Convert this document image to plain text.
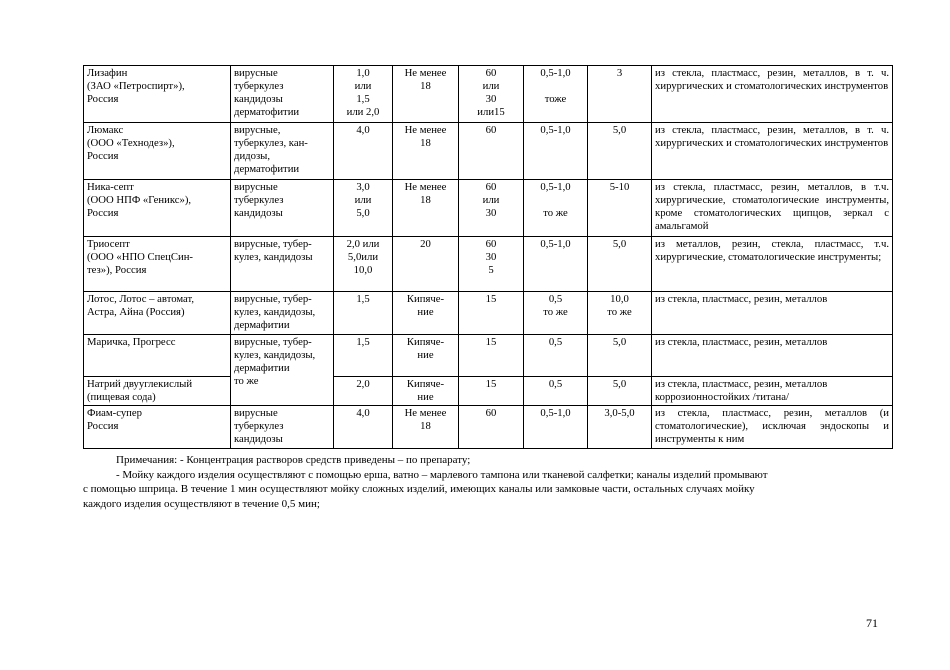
Лизафин
(ЗАО «Петроспирт»),
Россия	вирусные
туберкулез
кандидозы
дерматофитии	1,0
или
1,5
или 2,0	Не менее
18	60
или
30
или15	0,5-1,0

тоже	3	из стекла, пластмасс, резин, металлов, в т. ч. хирургических и стоматологических инструментов

Люмакс
(ООО «Технодез»),
Россия	вирусные,
туберкулез, кан-
дидозы,
дерматофитии	4,0	Не менее
18	60	0,5-1,0	5,0	из стекла, пластмасс, резин, металлов, в т. ч. хирургических и стоматологических инструментов

Ника-септ
(ООО НПФ «Геникс»),
Россия	вирусные
туберкулез
кандидозы	3,0
или
5,0	Не менее
18	60
или
30	0,5-1,0

то же	5-10	из стекла, пластмасс, резин, металлов, в т.ч. хирургические, стоматологические инструменты, кроме стоматологических щипцов, зеркал с амальгамой

Триосепт
(ООО «НПО СпецСин-
тез»), Россия	вирусные, тубер-
кулез, кандидозы	2,0 или
5,0или
10,0	20	60
30
5	0,5-1,0	5,0	из металлов, резин, стекла, пластмасс, т.ч. хирургические, стоматологические инструменты;

Лотос, Лотос – автомат,
Астра, Айна (Россия)	вирусные, тубер-
кулез, кандидозы,
дермафитии	1,5	Кипяче-
ние	15	0,5
то же	10,0
то же	из стекла, пластмасс, резин, металлов

Маричка, Прогресс	вирусные, тубер-
кулез, кандидозы,
дермафитии
то же	1,5	Кипяче-
ние	15	0,5	5,0	из стекла, пластмасс, резин, металлов

Натрий двууглекислый
(пищевая сода)		2,0	Кипяче-
ние	15	0,5	5,0	из стекла, пластмасс, резин, металлов коррозионностойких /титана/

Фиам-супер
Россия	вирусные
туберкулез
кандидозы	4,0	Не менее
18	60	0,5-1,0	3,0-5,0	из стекла, пластмасс, резин, металлов (и стоматологические), исключая эндоскопы и инструменты к ним
Примечания: - Концентрация растворов средств приведены – по препарату;
- Мойку каждого изделия осуществляют с помощью ерша, ватно – марлевого тампона или тканевой салфетки; каналы изделий промывают
с помощью шприца. В течение 1 мин осуществляют мойку сложных изделий, имеющих каналы или замковые части, остальных случаях мойку
каждого изделия осуществляют в течение 0,5 мин;
71
